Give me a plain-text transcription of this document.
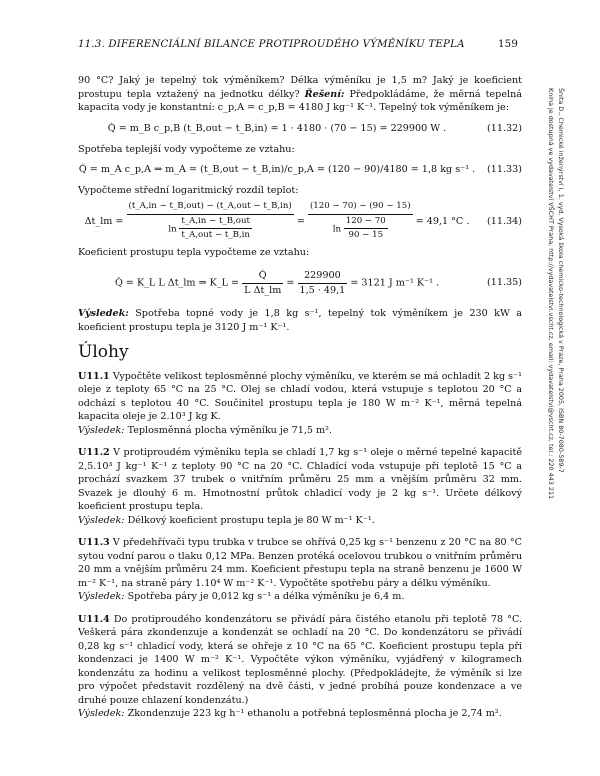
11.3. DIFERENCIÁLNÍ BILANCE PROTIPROUDÉHO VÝMĚNÍKU TEPLA	159

90 °C? Jaký je tepelný tok výměníkem? Délka výměníku je 1,5 m? Jaký je koeficient prostupu tepla vztažený na jednotku délky? Řešení: Předpokládáme, že měrná tepelná kapacita vody je konstantní: c_p,A = c_p,B = 4180 J kg⁻¹ K⁻¹. Tepelný tok výměníkem je:

Q̇ = m_B c_p,B (t_B,out − t_B,in) = 1 · 4180 · (70 − 15) = 229900 W .	(11.32)

Spotřeba teplejší vody vypočteme ze vztahu:

Q̇ = m_A c_p,A ⇒ m_A = (t_B,out − t_B,in)/c_p,A = (120 − 90)/4180 = 1,8 kg s⁻¹ .	(11.33)

Vypočteme střední logaritmický rozdíl teplot:

Δt_lm =
(t_A,in − t_B,out) − (t_A,out − t_B,in)
$\ln \frac{\text{t\_A,in − t\_B,out}}{\text{t\_A,out − t\_B,in}}$	= $\frac{(120 - 70) - (90 - 15)}{\ln \frac{120 - 70}{90 - 15}} = 49,1$ °C .	(11.34)

Koeficient prostupu tepla vypočteme ze vztahu:

Q̇ = K_L L Δt_lm ⇒ K_L = $\frac{Q̇}{\text{L Δt\_lm}} = \frac{229900}{1,5 \cdot 49,1} = 3121$ J m⁻¹ K⁻¹ .	(11.35)

Výsledek: Spotřeba topné vody je 1,8 kg s⁻¹, tepelný tok výměníkem je 230 kW a koeficient prostupu tepla je 3120 J m⁻¹ K⁻¹.

Úlohy

U11.1 Vypočtěte velikost teplosměnné plochy výměníku, ve kterém se má ochladit 2 kg s⁻¹ oleje z teploty 65 °C na 25 °C. Olej se chladí vodou, která vstupuje s teplotou 20 °C a odchází s teplotou 40 °C. Součinitel prostupu tepla je 180 W m⁻² K⁻¹, měrná tepelná kapacita oleje je 2.10³ J kg K.

Výsledek: Teplosměnná plocha výměníku je 71,5 m².

U11.2 V protiproudém výměníku tepla se chladí 1,7 kg s⁻¹ oleje o měrné tepelné kapacitě 2,5.10³ J kg⁻¹ K⁻¹ z teploty 90 °C na 20 °C. Chladící voda vstupuje při teplotě 15 °C a prochází svazkem 37 trubek o vnitřním průměru 25 mm a vnějším průměru 32 mm. Svazek je dlouhý 6 m. Hmotnostní průtok chladicí vody je 2 kg s⁻¹. Určete délkový koeficient prostupu tepla.

Výsledek: Délkový koeficient prostupu tepla je 80 W m⁻¹ K⁻¹.

U11.3 V předehřívači typu trubka v trubce se ohřívá 0,25 kg s⁻¹ benzenu z 20 °C na 80 °C sytou vodní parou o tlaku 0,12 MPa. Benzen protéká ocelovou trubkou o vnitřním průměru 20 mm a vnějším průměru 24 mm. Koeficient přestupu tepla na straně benzenu je 1600 W m⁻² K⁻¹, na straně páry 1.10⁴ W m⁻² K⁻¹. Vypočtěte spotřebu páry a délku výměníku.

Výsledek: Spotřeba páry je 0,012 kg s⁻¹ a délka výměníku je 6,4 m.

U11.4 Do protiproudého kondenzátoru se přivádí pára čistého etanolu při teplotě 78 °C. Veškerá pára zkondenzuje a kondenzát se ochladí na 20 °C. Do kondenzátoru se přivádí 0,28 kg s⁻¹ chladicí vody, která se ohřeje z 10 °C na 65 °C. Koeficient prostupu tepla při kondenzaci je 1400 W m⁻² K⁻¹. Vypočtěte výkon výměníku, vyjádřený v kilogramech kondenzátu za hodinu a velikost teplosměnné plochy. (Předpokládejte, že výměník si lze pro výpočet představit rozdělený na dvě části, v jedné probíhá pouze kondenzace a ve druhé pouze chlazení kondenzátu.)

Výsledek: Zkondenzuje 223 kg h⁻¹ ethanolu a potřebná teplosměnná plocha je 2,74 m².

Šnita D., Chemické inženýrství I, 1. vyd. Vysoká škola chemicko-technologická v Praze, Praha 2005, ISBN 80-7080-589-7
Kniha je dostupná ve vydavatelství VŠCHT Praha, http://vydavatelstvi.vscht.cz, email: vydavatelstvi@vscht.cz, tel.: 220 443 211
